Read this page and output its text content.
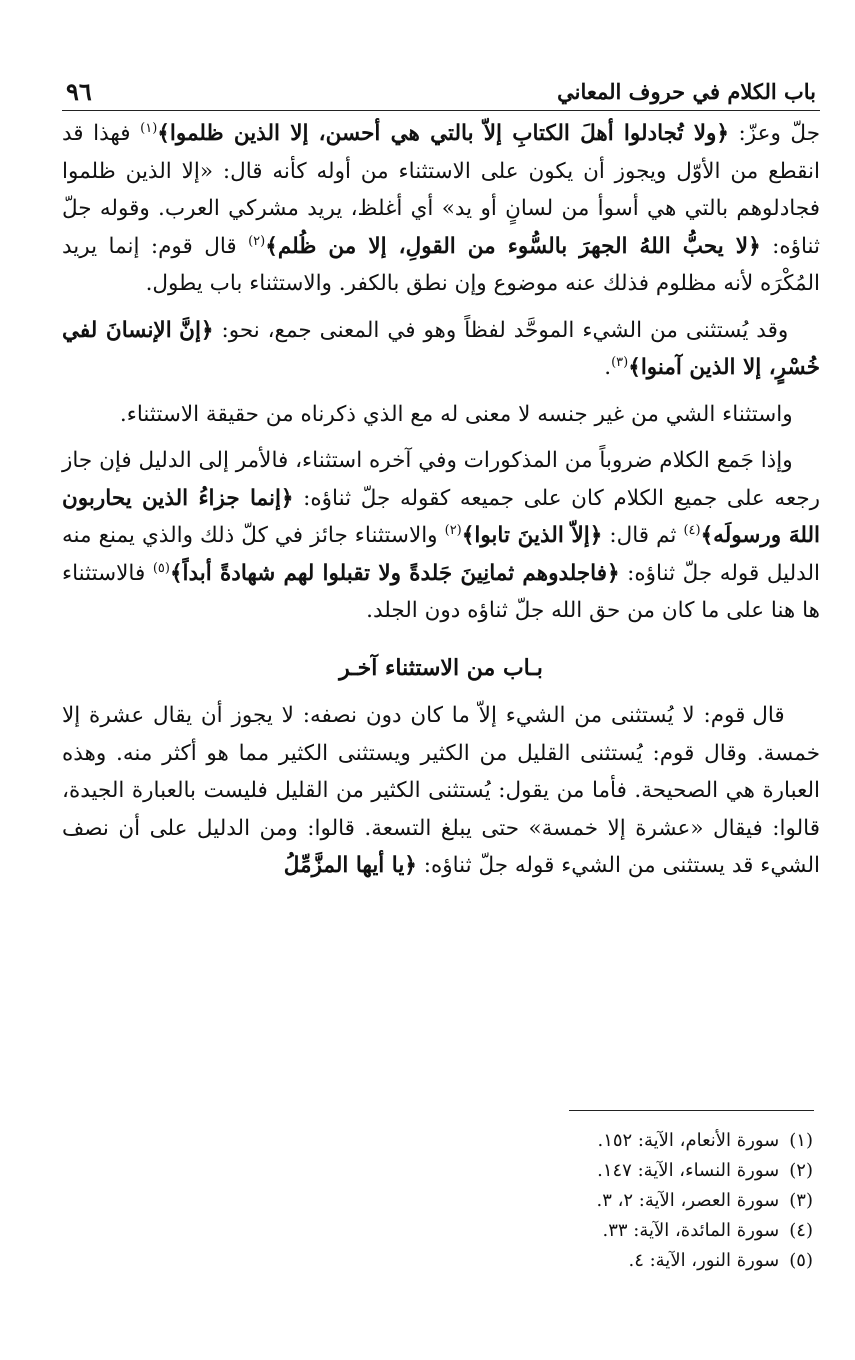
باب الكلام في حروف المعاني
٩٦

جلّ وعزّ: ﴿ولا تُجادلوا أهلَ الكتابِ إلاّ بالتي هي أحسن، إلا الذين ظلموا﴾$^{(١)}$ فهذا قد انقطع من الأوّل ويجوز أن يكون على الاستثناء من أوله كأنه قال: «إلا الذين ظلموا فجادلوهم بالتي هي أسوأ من لسانٍ أو يد» أي أغلظ، يريد مشركي العرب. وقوله جلّ ثناؤه: ﴿لا يحبُّ اللهُ الجهرَ بالسُّوء من القولِ، إلا من ظُلم﴾$^{(٢)}$ قال قوم: إنما يريد المُكْرَه لأنه مظلوم فذلك عنه موضوع وإن نطق بالكفر. والاستثناء باب يطول.

وقد يُستثنى من الشيء الموحَّد لفظاً وهو في المعنى جمع، نحو: ﴿إنَّ الإنسانَ لفي خُسْرٍ، إلا الذين آمنوا﴾$^{(٣)}$.

واستثناء الشي من غير جنسه لا معنى له مع الذي ذكرناه من حقيقة الاستثناء.

وإذا جَمع الكلام ضروباً من المذكورات وفي آخره استثناء، فالأمر إلى الدليل فإن جاز رجعه على جميع الكلام كان على جميعه كقوله جلّ ثناؤه: ﴿إنما جزاءُ الذين يحاربون اللهَ ورسولَه﴾$^{(٤)}$ ثم قال: ﴿إلاّ الذينَ تابوا﴾$^{(٢)}$ والاستثناء جائز في كلّ ذلك والذي يمنع منه الدليل قوله جلّ ثناؤه: ﴿فاجلدوهم ثمانِينَ جَلدةً ولا تقبلوا لهم شهادةً أبداً﴾$^{(٥)}$ فالاستثناء ها هنا على ما كان من حق الله جلّ ثناؤه دون الجلد.

بـاب من الاستثناء آخـر

قال قوم: لا يُستثنى من الشيء إلاّ ما كان دون نصفه: لا يجوز أن يقال عشرة إلا خمسة. وقال قوم: يُستثنى القليل من الكثير ويستثنى الكثير مما هو أكثر منه. وهذه العبارة هي الصحيحة. فأما من يقول: يُستثنى الكثير من القليل فليست بالعبارة الجيدة، قالوا: فيقال «عشرة إلا خمسة» حتى يبلغ التسعة. قالوا: ومن الدليل على أن نصف الشيء قد يستثنى من الشيء قوله جلّ ثناؤه: ﴿يا أيها المزَّمِّلُ

(١)سورة الأنعام، الآية: ١٥٢.
(٢)سورة النساء، الآية: ١٤٧.
(٣)سورة العصر، الآية: ٢، ٣.
(٤)سورة المائدة، الآية: ٣٣.
(٥)سورة النور، الآية: ٤.
